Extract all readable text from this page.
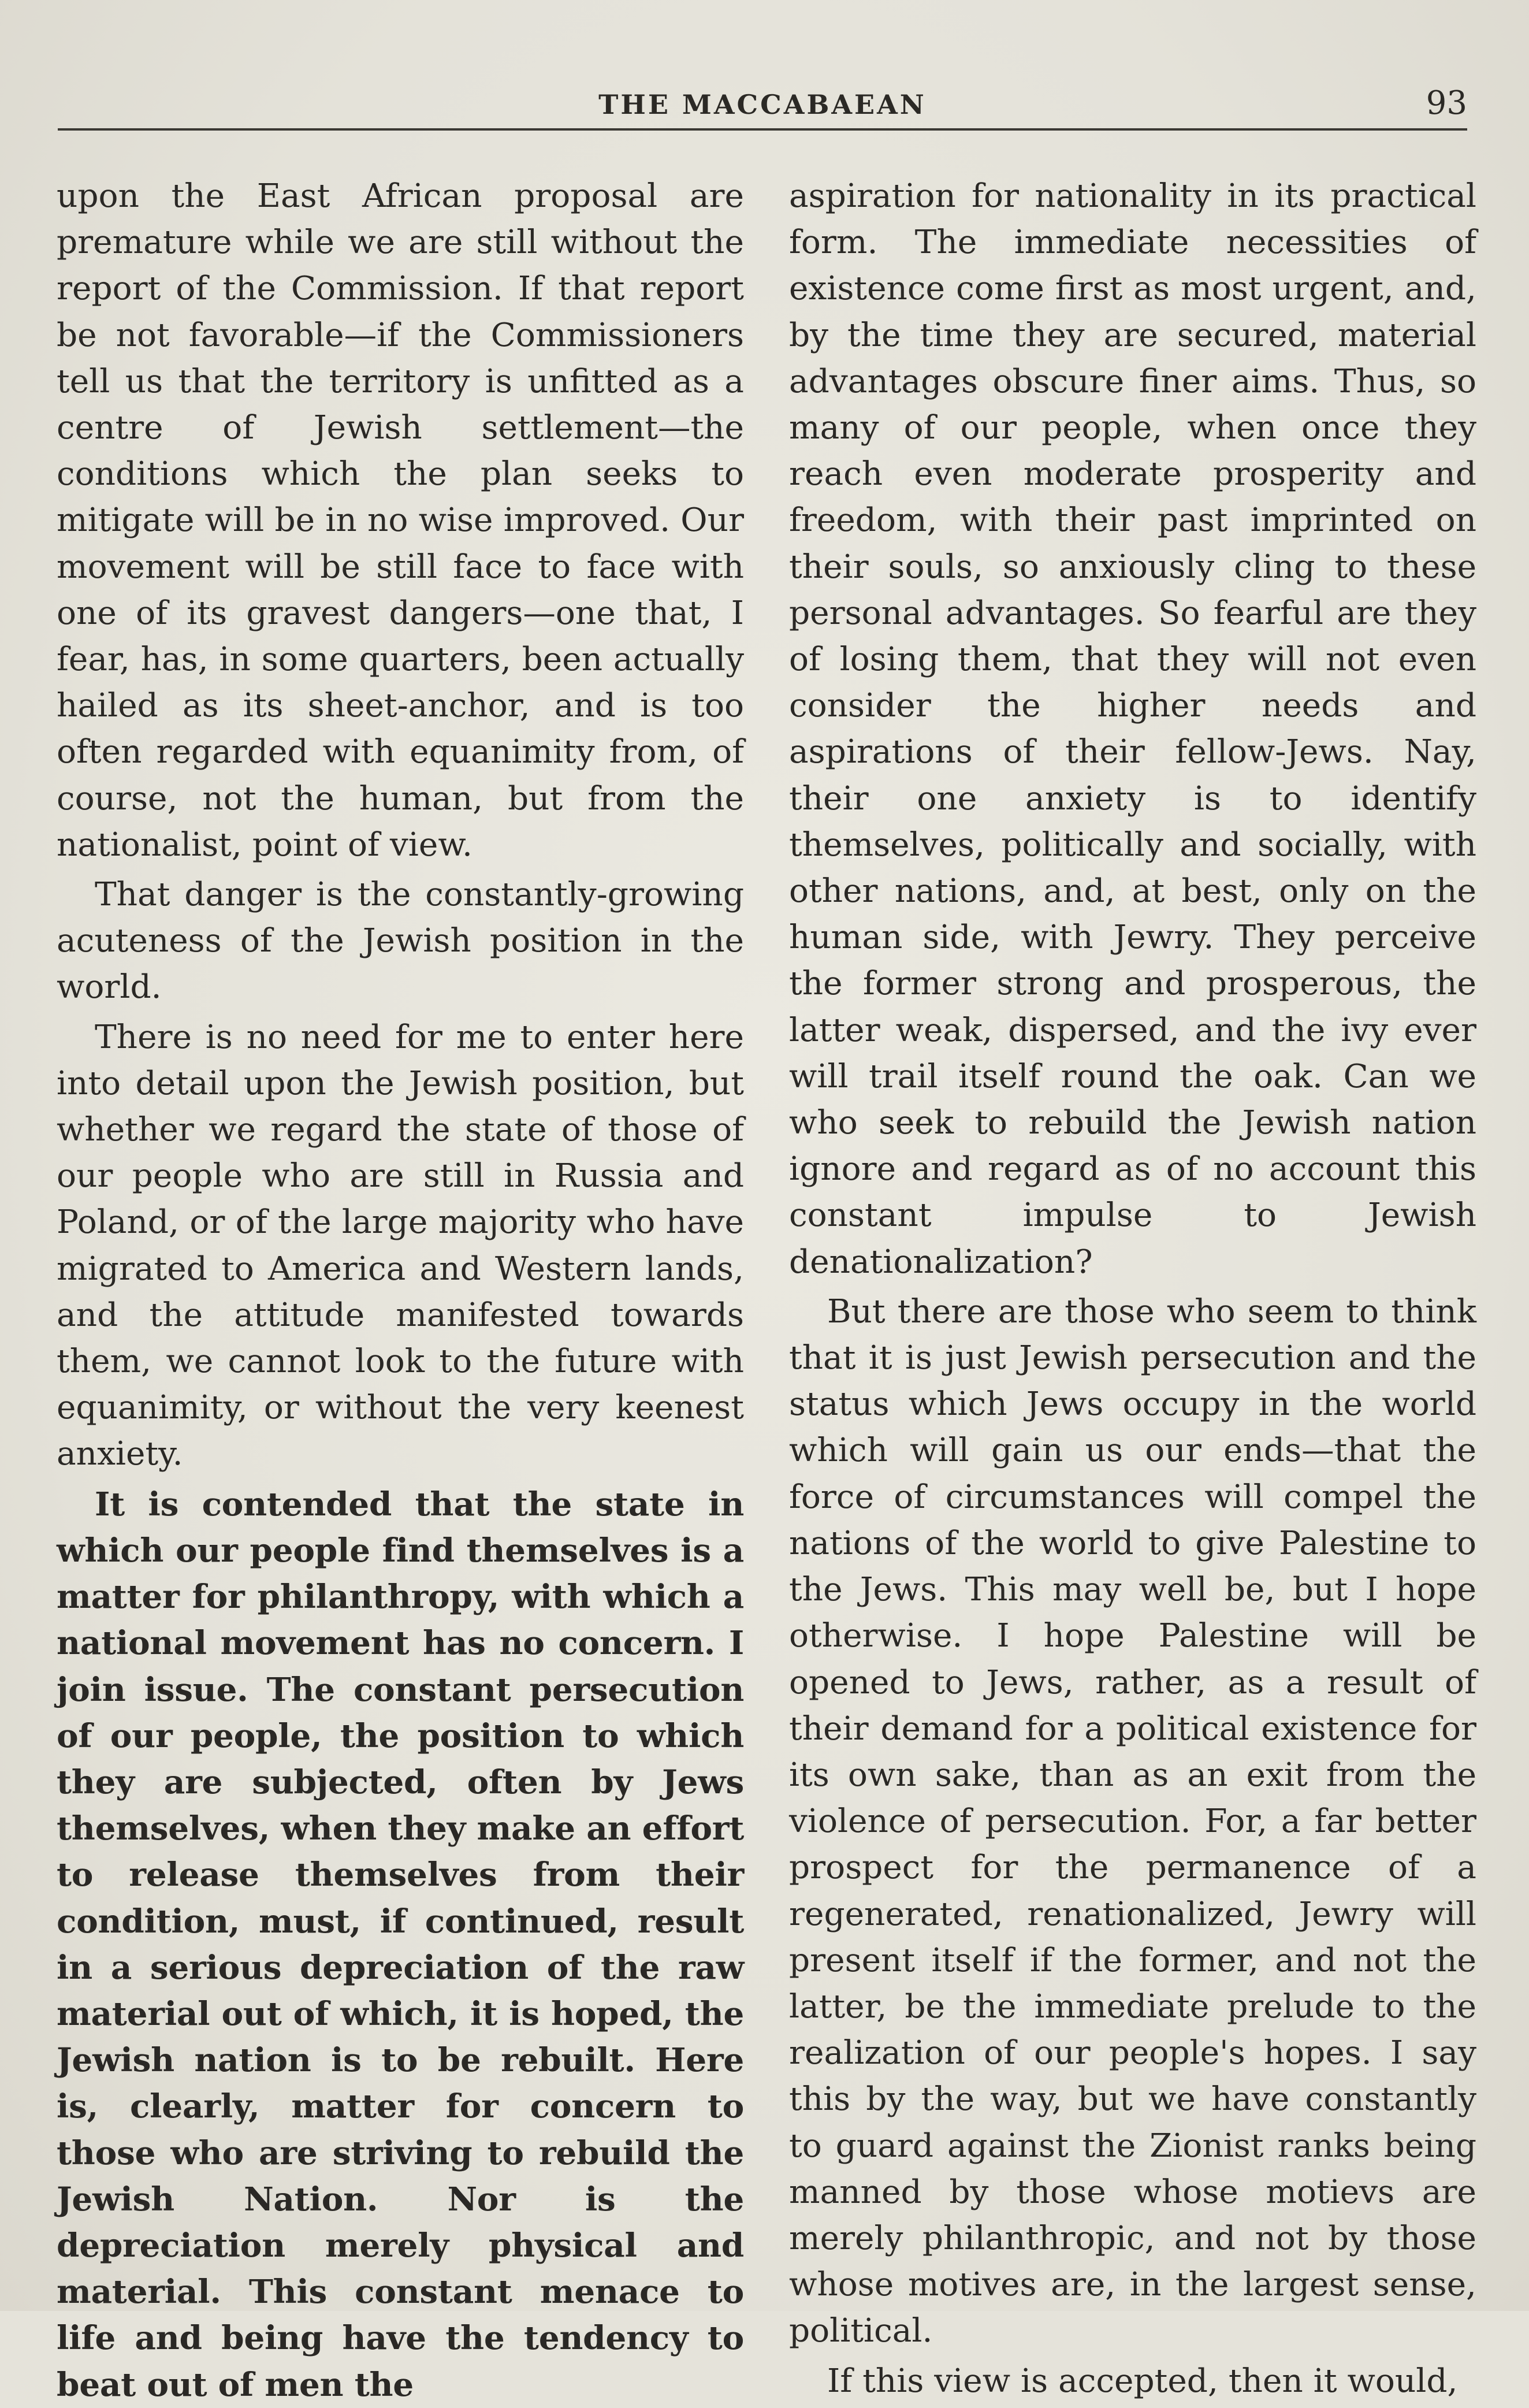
THE MACCABAEAN	93

upon the East African proposal are premature while we are still without the report of the Commission. If that report be not favorable—if the Commissioners tell us that the territory is unfitted as a centre of Jewish settlement—the conditions which the plan seeks to mitigate will be in no wise improved. Our movement will be still face to face with one of its gravest dangers—one that, I fear, has, in some quarters, been actually hailed as its sheet-anchor, and is too often regarded with equanimity from, of course, not the human, but from the nationalist, point of view.

That danger is the constantly-growing acuteness of the Jewish position in the world.

There is no need for me to enter here into detail upon the Jewish position, but whether we regard the state of those of our people who are still in Russia and Poland, or of the large majority who have migrated to America and Western lands, and the attitude manifested towards them, we cannot look to the future with equanimity, or without the very keenest anxiety.

It is contended that the state in which our people find themselves is a matter for philanthropy, with which a national movement has no concern. I join issue. The constant persecution of our people, the position to which they are subjected, often by Jews themselves, when they make an effort to release themselves from their condition, must, if continued, result in a serious depreciation of the raw material out of which, it is hoped, the Jewish nation is to be rebuilt. Here is, clearly, matter for concern to those who are striving to rebuild the Jewish Nation. Nor is the depreciation merely physical and material. This constant menace to life and being have the tendency to beat out of men the

aspiration for nationality in its practical form. The immediate necessities of existence come first as most urgent, and, by the time they are secured, material advantages obscure finer aims. Thus, so many of our people, when once they reach even moderate prosperity and freedom, with their past imprinted on their souls, so anxiously cling to these personal advantages. So fearful are they of losing them, that they will not even consider the higher needs and aspirations of their fellow-Jews. Nay, their one anxiety is to identify themselves, politically and socially, with other nations, and, at best, only on the human side, with Jewry. They perceive the former strong and prosperous, the latter weak, dispersed, and the ivy ever will trail itself round the oak. Can we who seek to rebuild the Jewish nation ignore and regard as of no account this constant impulse to Jewish denationalization?

But there are those who seem to think that it is just Jewish persecution and the status which Jews occupy in the world which will gain us our ends—that the force of circumstances will compel the nations of the world to give Palestine to the Jews. This may well be, but I hope otherwise. I hope Palestine will be opened to Jews, rather, as a result of their demand for a political existence for its own sake, than as an exit from the violence of persecution. For, a far better prospect for the permanence of a regenerated, renationalized, Jewry will present itself if the former, and not the latter, be the immediate prelude to the realization of our people's hopes. I say this by the way, but we have constantly to guard against the Zionist ranks being manned by those whose motievs are merely philanthropic, and not by those whose motives are, in the largest sense, political.

If this view is accepted, then it would,
